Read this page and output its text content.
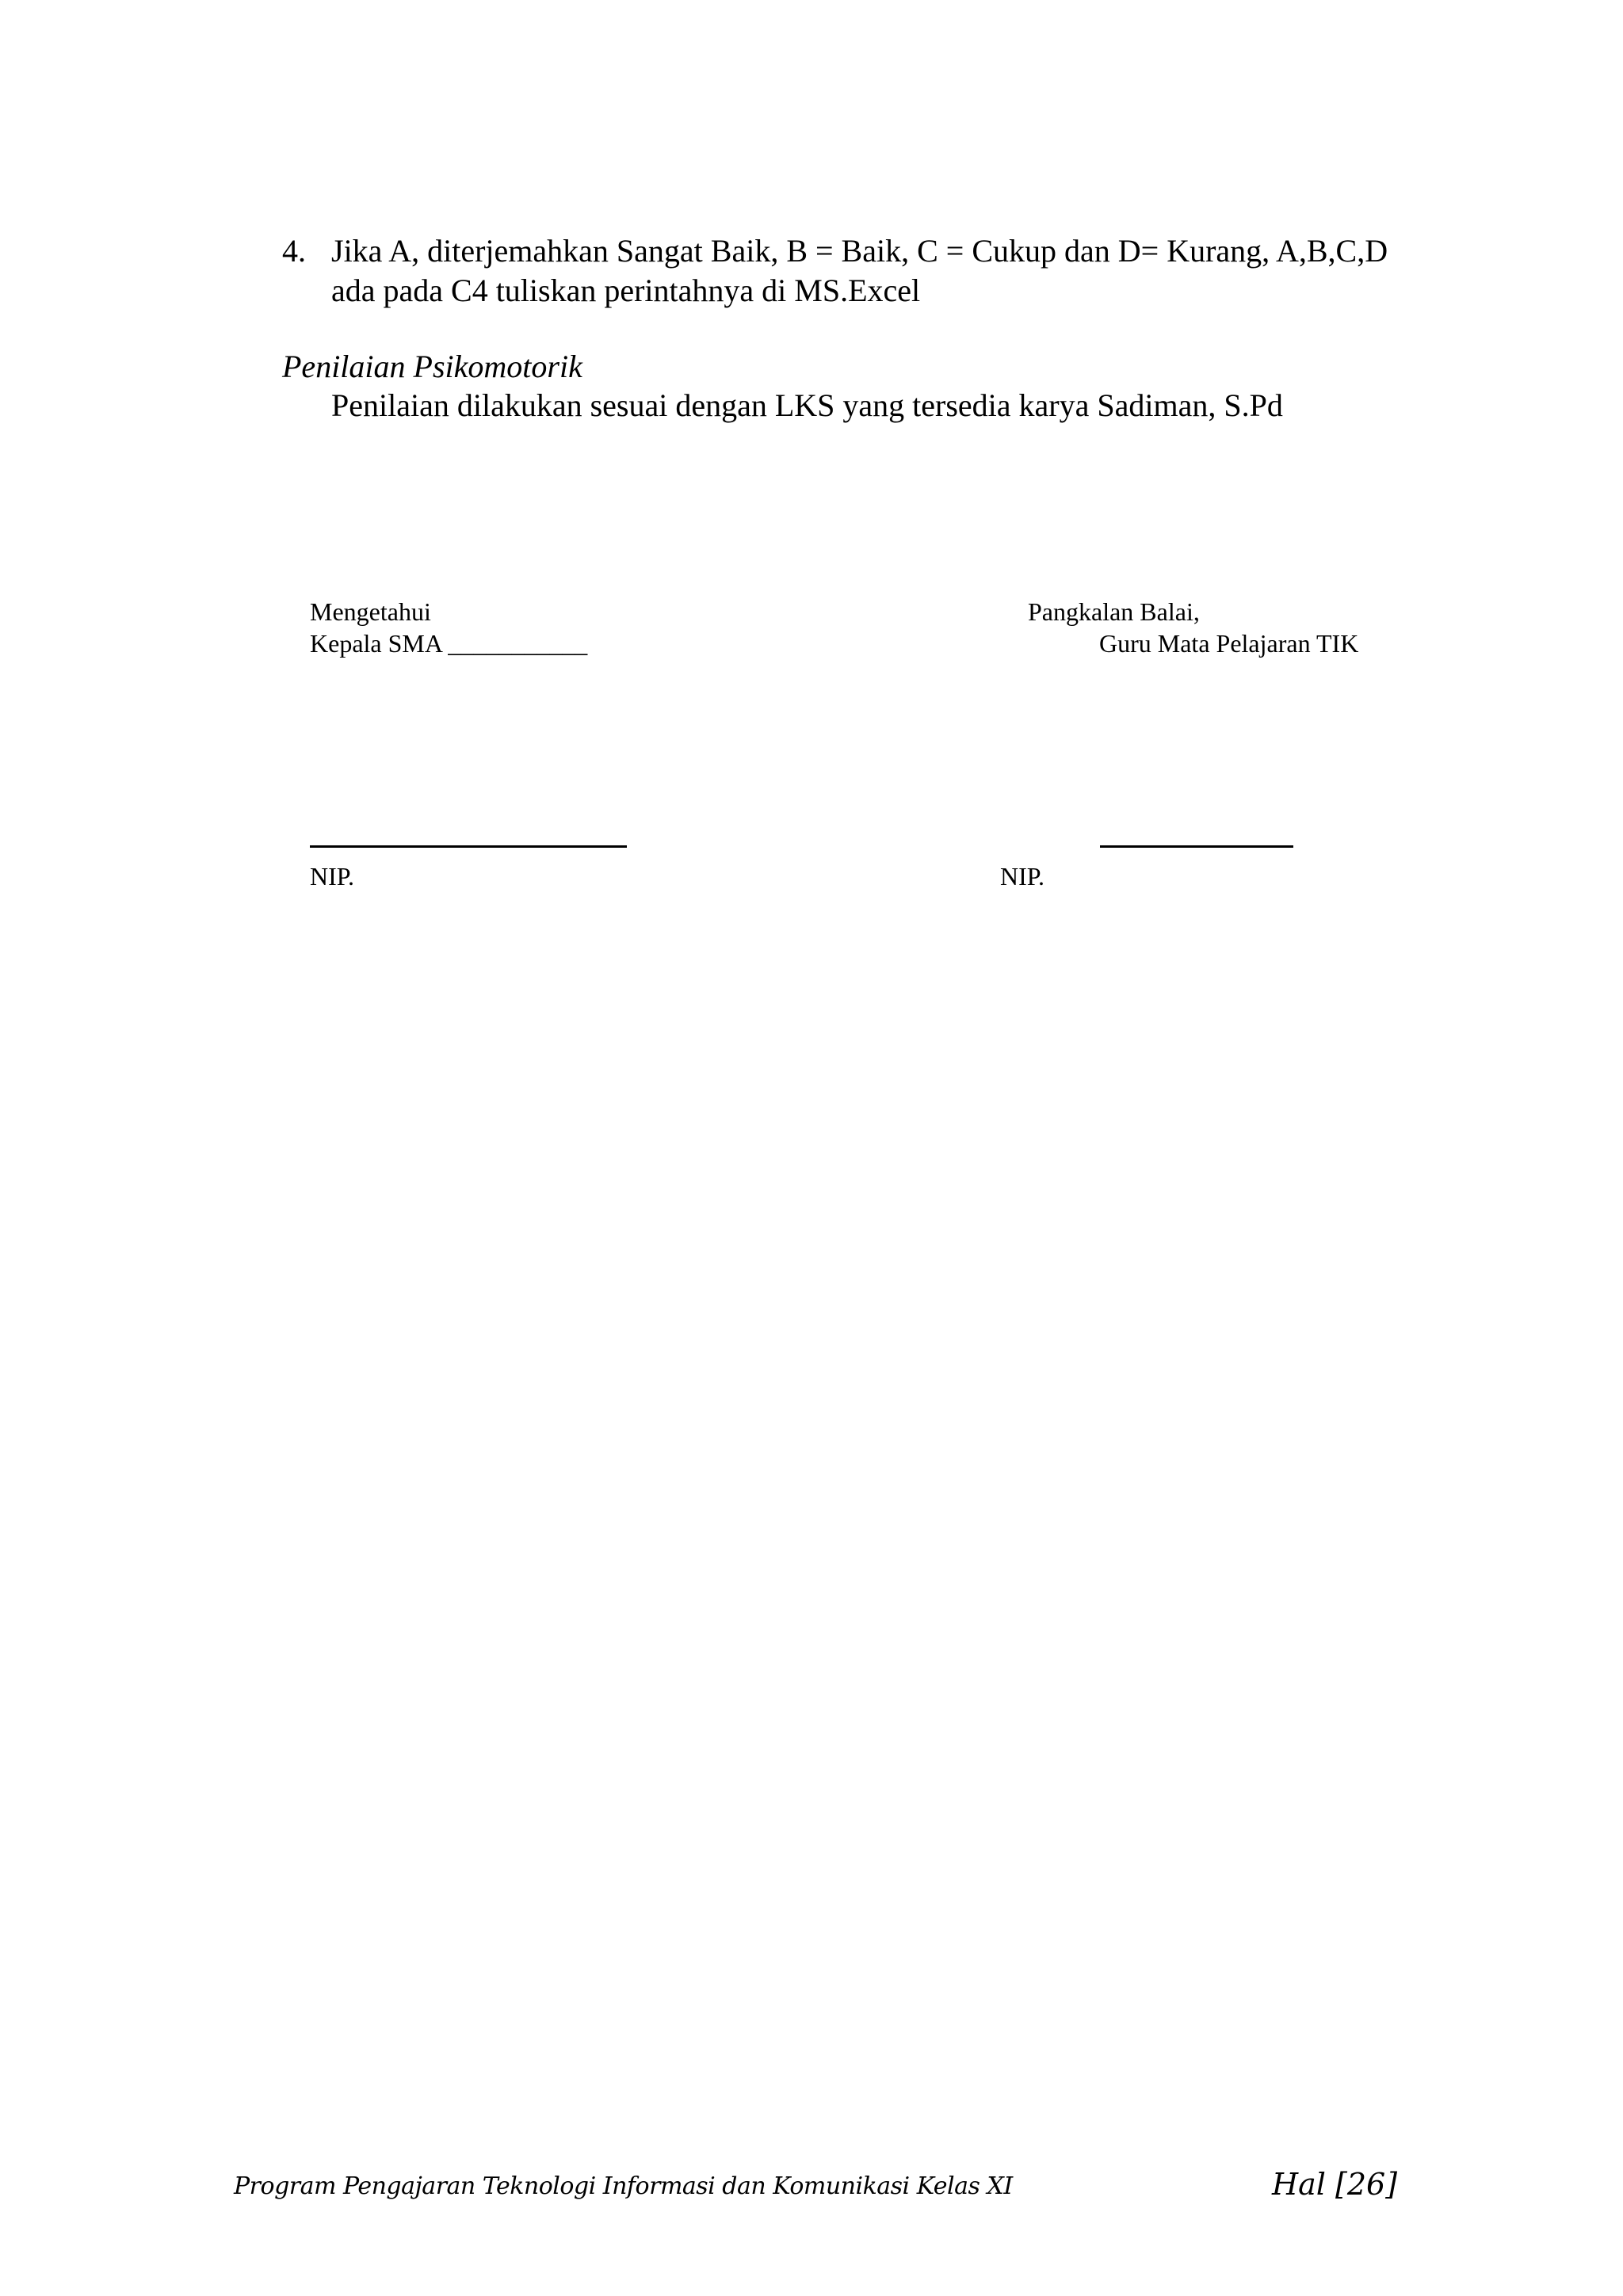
4. Jika A, diterjemahkan Sangat Baik, B = Baik, C = Cukup dan D= Kurang, A,B,C,D
ada pada C4 tuliskan perintahnya di MS.Excel
Penilaian Psikomotorik
Penilaian dilakukan sesuai dengan LKS yang tersedia karya Sadiman, S.Pd
Mengetahui
Kepala SMA ___________
Pangkalan Balai,
Guru Mata Pelajaran TIK
NIP.	NIP.
Program Pengajaran Teknologi Informasi dan Komunikasi Kelas XI	Hal [26]
